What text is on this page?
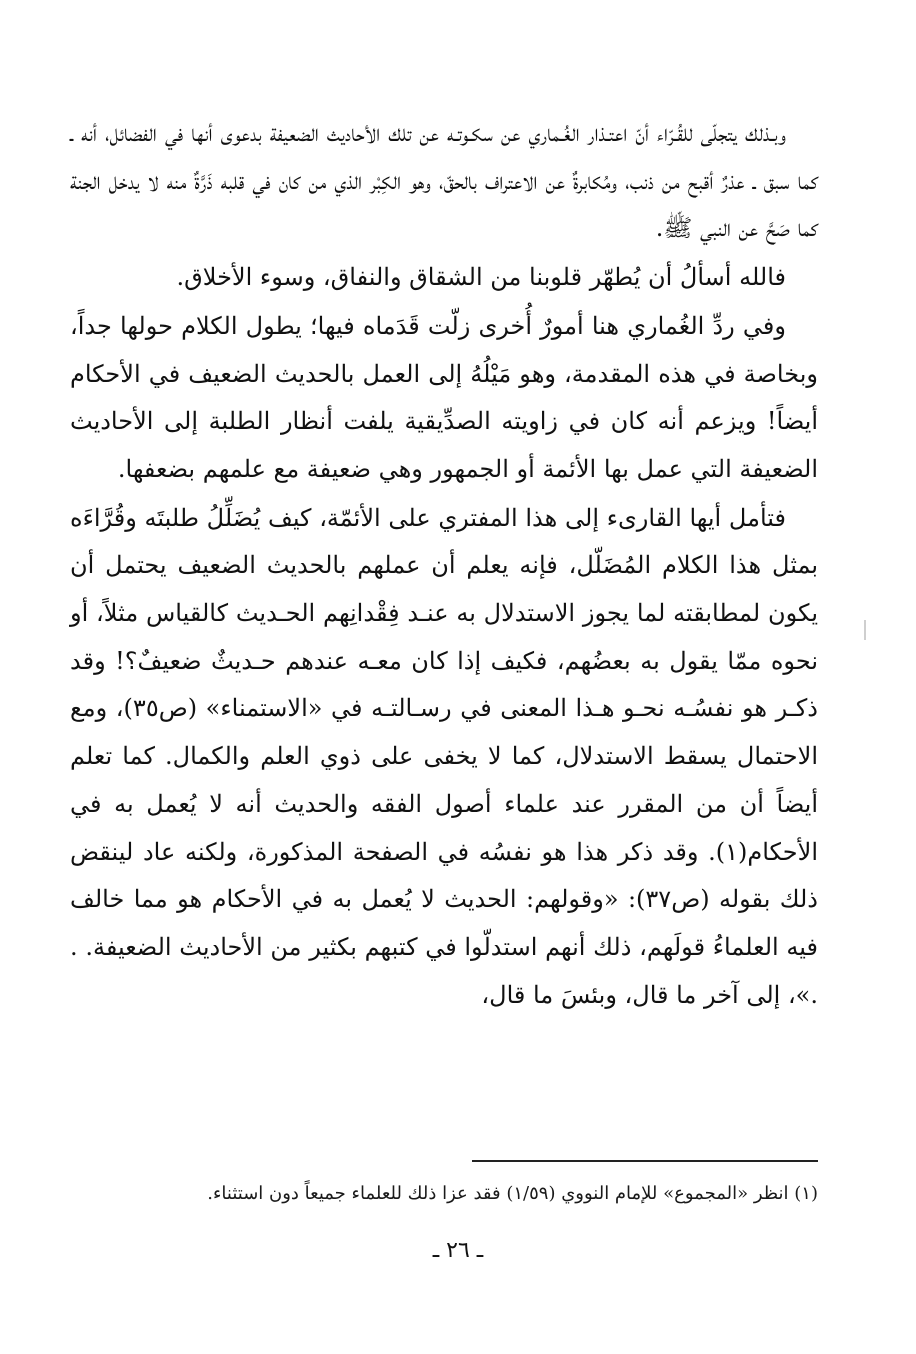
وبـذلك يتجلّى للقُـرّاء أنّ اعتـذار الغُـماري عن سكـوتـه عن تلك الأحاديث الضعيفة بدعوى أنها في الفضائل، أنه ـ كما سبق ـ عذرٌ أقبح من ذنب، ومُكابرةٌ عن الاعتراف بالحقّ، وهو الكِبْر الذي من كان في قلبه ذَرَّةٌ منه لا يدخل الجنة كما صَحَّ عن النبي ﷺ.

فالله أسألُ أن يُطهّر قلوبنا من الشقاق والنفاق، وسوء الأخلاق.

وفي ردِّ الغُماري هنا أمورٌ أُخرى زلّت قَدَماه فيها؛ يطول الكلام حولها جداً، وبخاصة في هذه المقدمة، وهو مَيْلُهُ إلى العمل بالحديث الضعيف في الأحكام أيضاً! ويزعم أنه كان في زاويته الصدِّيقية يلفت أنظار الطلبة إلى الأحاديث الضعيفة التي عمل بها الأئمة أو الجمهور وهي ضعيفة مع علمهم بضعفها.

فتأمل أيها القارىء إلى هذا المفتري على الأئمّة، كيف يُضَلِّلُ طلبتَه وقُرَّاءَه بمثل هذا الكلام المُضَلّل، فإنه يعلم أن عملهم بالحديث الضعيف يحتمل أن يكون لمطابقته لما يجوز الاستدلال به عنـد فِقْدانِهم الحـديث كالقياس مثلاً، أو نحوه ممّا يقول به بعضُهم، فكيف إذا كان معـه عندهم حـديثٌ ضعيفٌ؟! وقد ذكـر هو نفسُـه نحـو هـذا المعنى في رسـالتـه في «الاستمناء» (ص٣٥)، ومع الاحتمال يسقط الاستدلال، كما لا يخفى على ذوي العلم والكمال. كما تعلم أيضاً أن من المقرر عند علماء أصول الفقه والحديث أنه لا يُعمل به في الأحكام(١). وقد ذكر هذا هو نفسُه في الصفحة المذكورة، ولكنه عاد لينقض ذلك بقوله (ص٣٧): «وقولهم: الحديث لا يُعمل به في الأحكام هو مما خالف فيه العلماءُ قولَهم، ذلك أنهم استدلّوا في كتبهم بكثير من الأحاديث الضعيفة. . .»، إلى آخر ما قال، وبئسَ ما قال،

(١) انظر «المجموع» للإمام النووي (١/٥٩) فقد عزا ذلك للعلماء جميعاً دون استثناء.
ـ ٢٦ ـ
